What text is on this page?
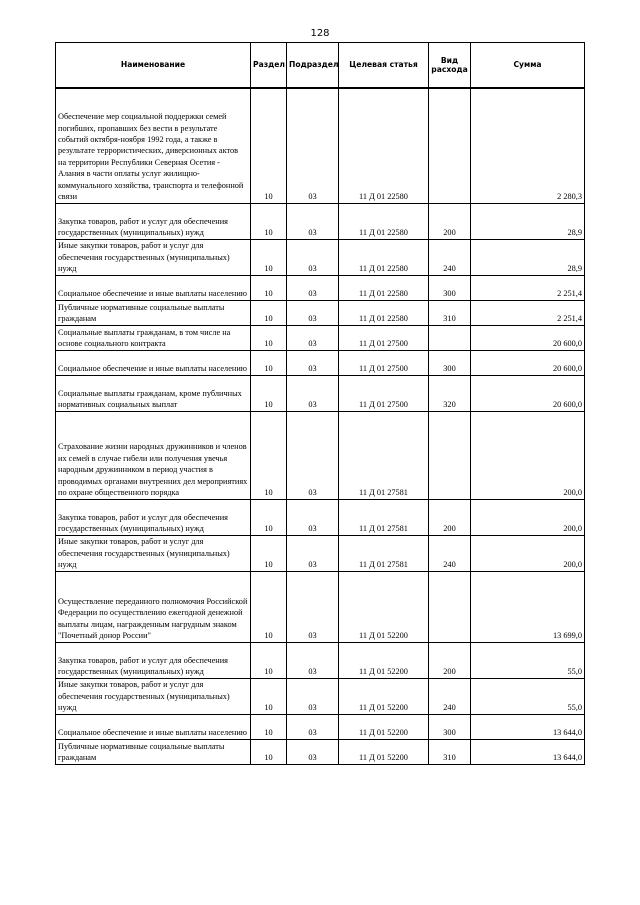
128
Наименование	Раздел	Подраздел	Целевая статья	Вид расхода	Сумма
Обеспечение мер социальной поддержки семей погибших, пропавших без вести в результате событий октября-ноября 1992 года, а также в результате террористических, диверсионных актов на территории Республики Северная Осетия - Алания в части оплаты услуг жилищно-коммунального хозяйства, транспорта и телефонной связи	10	03	11 Д 01 22580		2 280,3
Закупка товаров, работ и услуг для обеспечения государственных (муниципальных) нужд	10	03	11 Д 01 22580	200	28,9
Иные закупки товаров, работ и услуг для обеспечения государственных (муниципальных) нужд	10	03	11 Д 01 22580	240	28,9
Социальное обеспечение и иные выплаты населению	10	03	11 Д 01 22580	300	2 251,4
Публичные нормативные социальные выплаты гражданам	10	03	11 Д 01 22580	310	2 251,4
Социальные выплаты гражданам, в том числе на основе социального контракта	10	03	11 Д 01 27500		20 600,0
Социальное обеспечение и иные выплаты населению	10	03	11 Д 01 27500	300	20 600,0
Социальные выплаты гражданам, кроме публичных нормативных социальных выплат	10	03	11 Д 01 27500	320	20 600,0
Страхование жизни народных дружинников и членов их семей в случае гибели или получения увечья народным дружинником в период участия в проводимых органами внутренних дел мероприятиях по охране общественного порядка	10	03	11 Д 01 27581		200,0
Закупка товаров, работ и услуг для обеспечения государственных (муниципальных) нужд	10	03	11 Д 01 27581	200	200,0
Иные закупки товаров, работ и услуг для обеспечения государственных (муниципальных) нужд	10	03	11 Д 01 27581	240	200,0
Осуществление переданного полномочия Российской Федерации по осуществлению ежегодной денежной выплаты лицам, награжденным нагрудным знаком "Почетный донор России"	10	03	11 Д 01 52200		13 699,0
Закупка товаров, работ и услуг для обеспечения государственных (муниципальных) нужд	10	03	11 Д 01 52200	200	55,0
Иные закупки товаров, работ и услуг для обеспечения государственных (муниципальных) нужд	10	03	11 Д 01 52200	240	55,0
Социальное обеспечение и иные выплаты населению	10	03	11 Д 01 52200	300	13 644,0
Публичные нормативные социальные выплаты гражданам	10	03	11 Д 01 52200	310	13 644,0
